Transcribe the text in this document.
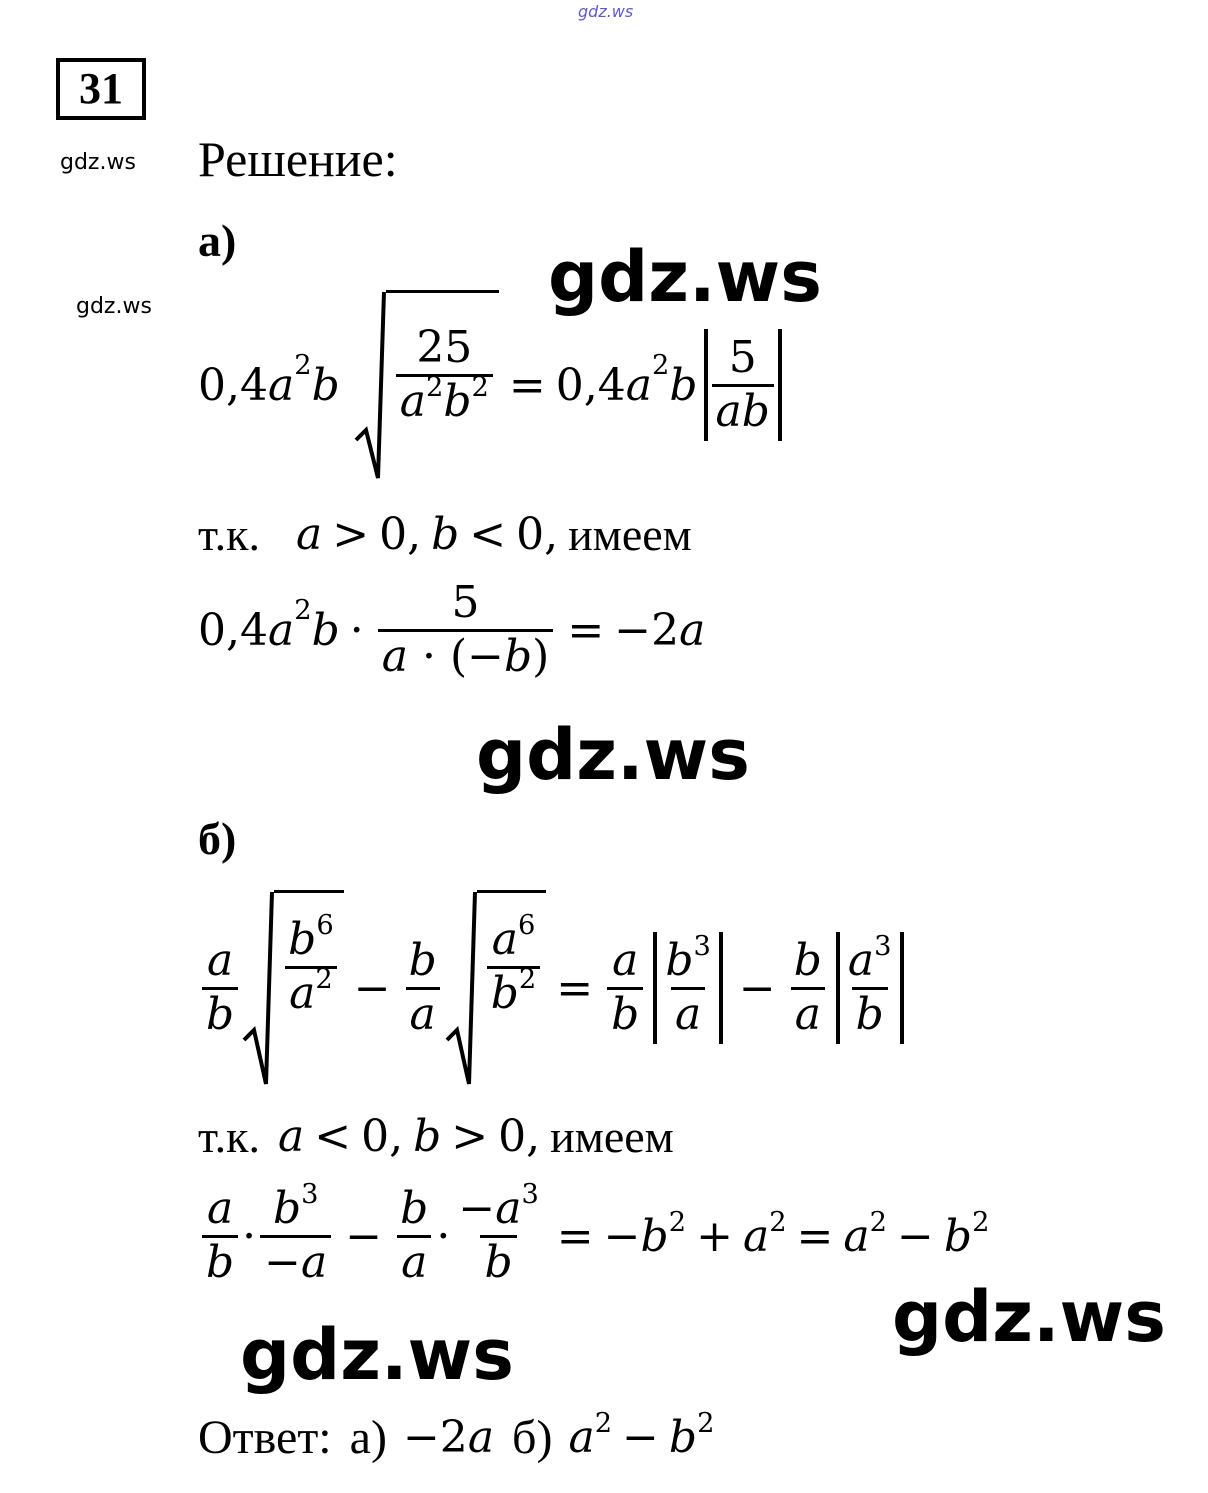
gdz.ws
gdz.ws
gdz.ws	gdz.ws
gdz.ws
gdz.ws
gdz.ws
31
Решение:
а)
0,4 $a^2$ b $\frac{25}{a^2b^2} = 0,4$ $a^2$ b $\frac{5}{ab}$
т.к. a > 0, b < 0, имеем
0,4 $a^2$ $b \cdot \frac{5}{a \cdot (-b)} = -2$ a
б)
$\frac{a}{b} \frac{b^6}{a^2} - \frac{b}{a} \frac{a^6}{b^2} = \frac{a}{b} \frac{b^3}{a} - \frac{b}{a} \frac{a^3}{b}$
т.к. a < 0, b > 0, имеем
$\frac{a}{b} \cdot \frac{b^3}{-a} - \frac{b}{a} \cdot \frac{-a^3}{b} = -b^2 + a^2 = a^2 - b^2$
Ответ: а) −2 a б) $a^2 - b^2$
